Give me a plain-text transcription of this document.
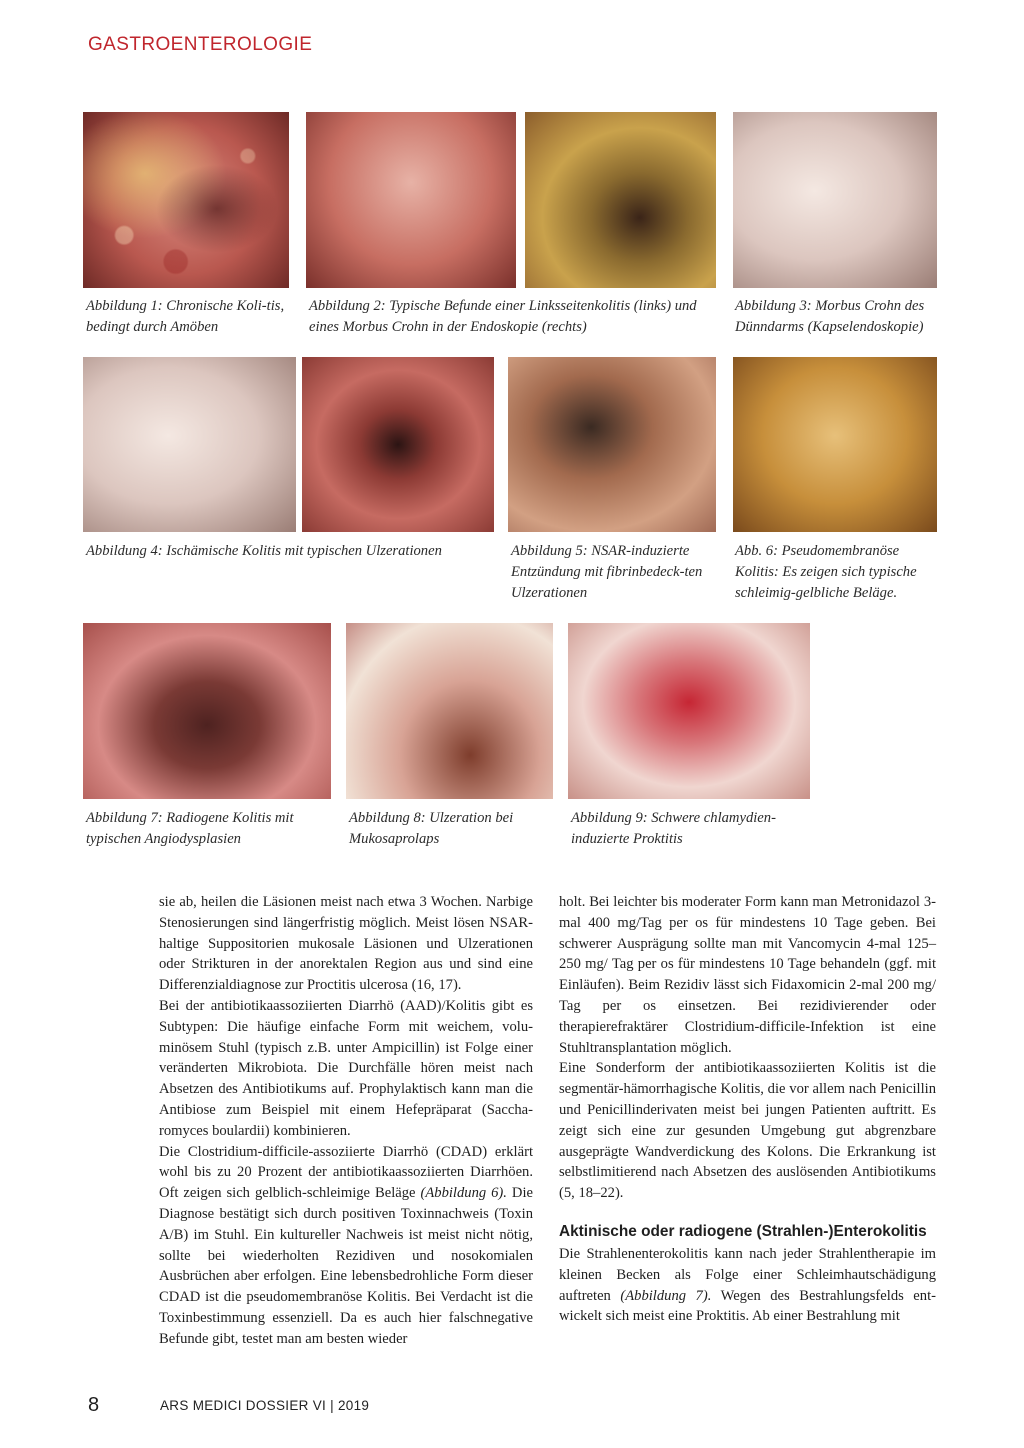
GASTROENTEROLOGIE

Abbildung 1: Chronische Koli-tis, bedingt durch Amöben

Abbildung 2: Typische Befunde einer Linksseitenkolitis (links) und eines Morbus Crohn in der Endoskopie (rechts)

Abbildung 3: Morbus Crohn des Dünndarms (Kapselendoskopie)

Abbildung 4: Ischämische Kolitis mit typischen Ulzerationen	Abbildung 5: NSAR-induzierte Entzündung mit fibrinbedeck-ten Ulzerationen

Abb. 6: Pseudomembranöse Kolitis: Es zeigen sich typische schleimig-gelbliche Beläge.

Abbildung 7: Radiogene Kolitis mit typischen Angiodysplasien

Abbildung 8: Ulzeration bei Mukosaprolaps

Abbildung 9: Schwere chlamydien-induzierte Proktitis

sie ab, heilen die Läsionen meist nach etwa 3 Wochen. Narbige Stenosierungen sind längerfristig möglich. Meist lösen NSAR-haltige Suppositorien mukosale Läsionen und Ulzerationen oder Strikturen in der anorektalen Region aus und sind eine Differenzialdiagnose zur Proctitis ulcerosa (16, 17).

Bei der antibiotikaassoziierten Diarrhö (AAD)/Kolitis gibt es Subtypen: Die häufige einfache Form mit weichem, voluminösem Stuhl (typisch z.B. unter Ampicillin) ist Folge einer veränderten Mikrobiota. Die Durchfälle hören meist nach Absetzen des Antibiotikums auf. Prophylaktisch kann man die Antibiose zum Beispiel mit einem Hefepräparat (Saccharomyces boulardii) kombinieren.

Die Clostridium-difficile-assoziierte Diarrhö (CDAD) erklärt wohl bis zu 20 Prozent der antibiotikaassoziierten Diarrhöen. Oft zeigen sich gelblich-schleimige Beläge (Abbildung 6). Die Diagnose bestätigt sich durch positiven Toxinnachweis (Toxin A/B) im Stuhl. Ein kultureller Nachweis ist meist nicht nötig, sollte bei wiederholten Rezidiven und nosokomialen Ausbrüchen aber erfolgen. Eine lebensbedrohliche Form dieser CDAD ist die pseudomembranöse Kolitis. Bei Verdacht ist die Toxinbestimmung essenziell. Da es auch hier falschnegative Befunde gibt, testet man am besten wieder

holt. Bei leichter bis moderater Form kann man Metronidazol 3-mal 400 mg/Tag per os für mindestens 10 Tage geben. Bei schwerer Ausprägung sollte man mit Vancomycin 4-mal 125–250 mg/ Tag per os für mindestens 10 Tage behandeln (ggf. mit Einläufen). Beim Rezidiv lässt sich Fidaxomicin 2-mal 200 mg/ Tag per os einsetzen. Bei rezidivierender oder therapierefraktärer Clostridium-difficile-Infektion ist eine Stuhltransplantation möglich.

Eine Sonderform der antibiotikaassoziierten Kolitis ist die segmentär-hämorrhagische Kolitis, die vor allem nach Penicillin und Penicillinderivaten meist bei jungen Patienten auftritt. Es zeigt sich eine zur gesunden Umgebung gut abgrenzbare ausgeprägte Wandverdickung des Kolons. Die Erkrankung ist selbstlimitierend nach Absetzen des auslösenden Antibiotikums (5, 18–22).

Aktinische oder radiogene (Strahlen-)Enterokolitis

Die Strahlenenterokolitis kann nach jeder Strahlentherapie im kleinen Becken als Folge einer Schleimhautschädigung auftreten (Abbildung 7). Wegen des Bestrahlungsfelds entwickelt sich meist eine Proktitis. Ab einer Bestrahlung mit

8	ARS MEDICI DOSSIER VI | 2019
